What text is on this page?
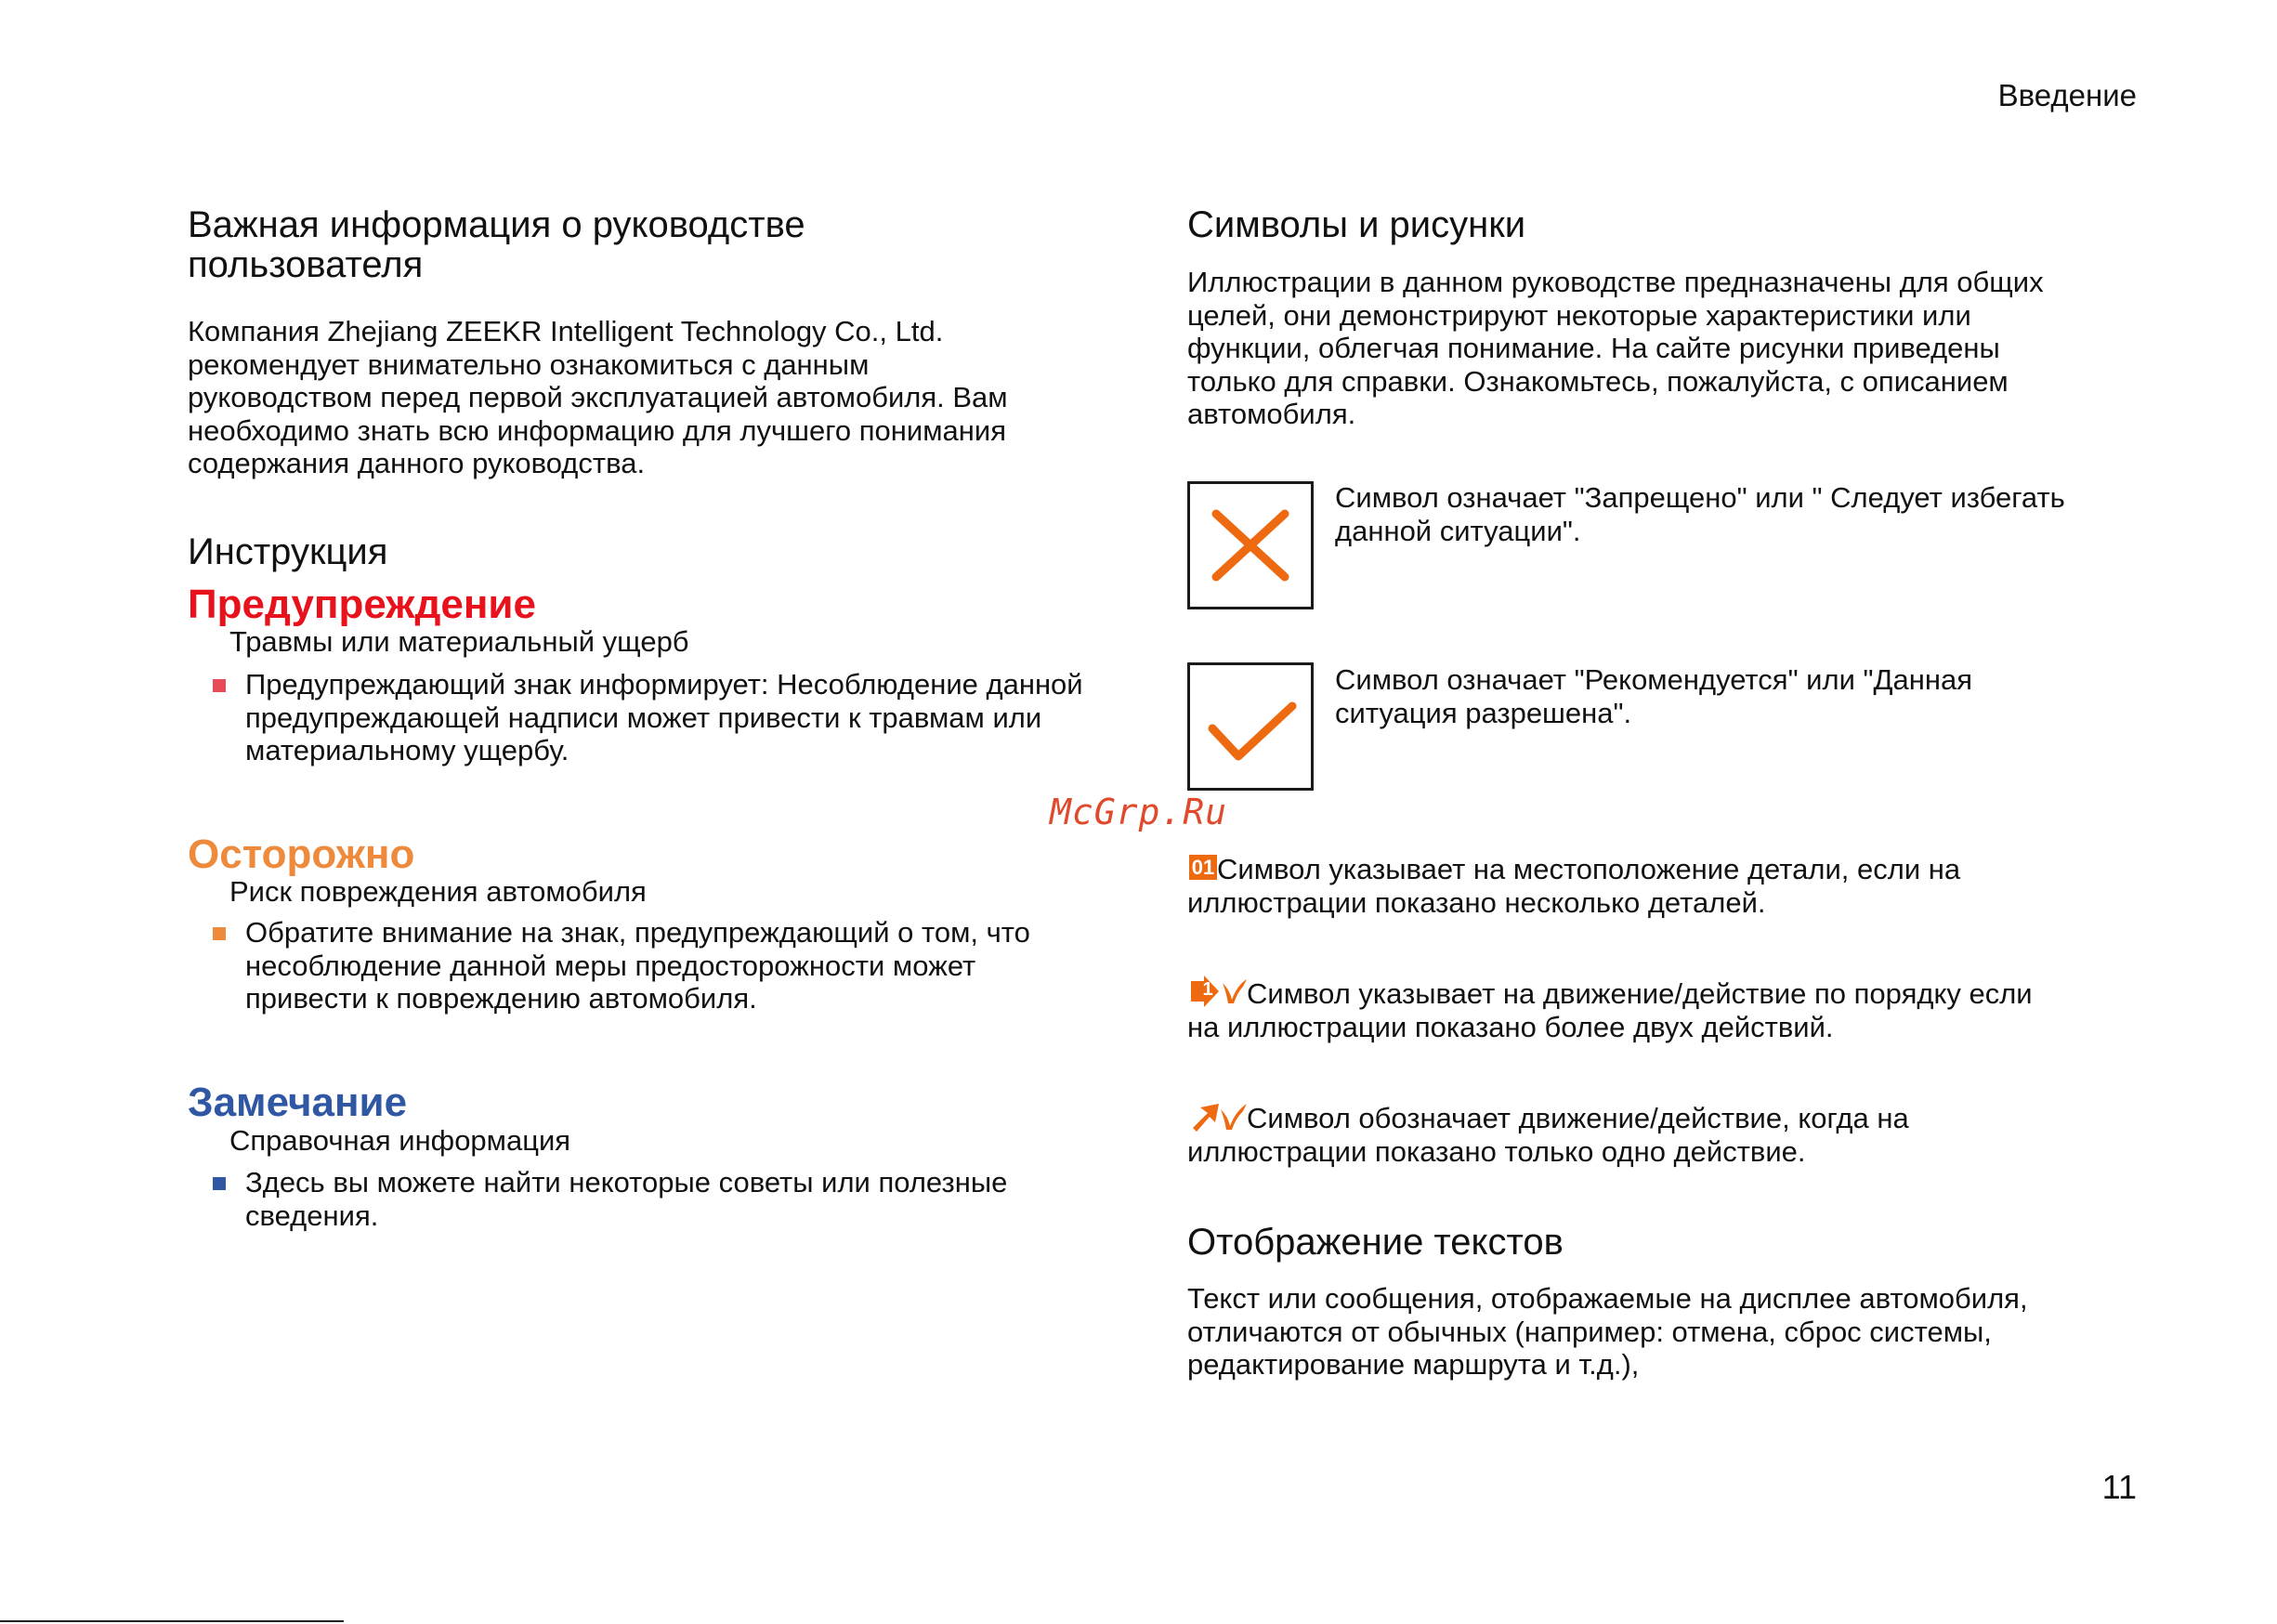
Введение
11
McGrp.Ru
Важная информация о руководстве пользователя

Компания Zhejiang ZEEKR Intelligent Technology Co., Ltd. рекомендует внимательно ознакомиться с данным руководством перед первой эксплуатацией автомобиля. Вам необходимо знать всю информацию для лучшего понимания содержания данного руководства.

Инструкция
Предупреждение
Травмы или материальный ущерб

Предупреждающий знак информирует: Несоблюдение данной предупреждающей надписи может привести к травмам или материальному ущербу.

Осторожно
Риск повреждения автомобиля

Обратите внимание на знак, предупреждающий о том, что несоблюдение данной меры предосторожности может привести к повреждению автомобиля.

Замечание
Справочная информация

Здесь вы можете найти некоторые советы или полезные сведения.

Символы и рисунки

Иллюстрации в данном руководстве предназначены для общих целей, они демонстрируют некоторые характеристики или функции, облегчая понимание. На сайте рисунки приведены только для справки. Ознакомьтесь, пожалуйста, с описанием автомобиля.

Символ означает "Запрещено" или " Следует избегать данной ситуации".

Символ означает "Рекомендуется" или "Данная ситуация разрешена".

01 Символ указывает на местоположение детали, если на иллюстрации показано несколько деталей.

1	Символ указывает на движение/действие по порядку если на иллюстрации показано более двух действий.

Символ обозначает движение/действие, когда на иллюстрации показано только одно действие.

Отображение текстов

Текст или сообщения, отображаемые на дисплее автомобиля, отличаются от обычных (например: отмена, сброс системы, редактирование маршрута и т.д.),
